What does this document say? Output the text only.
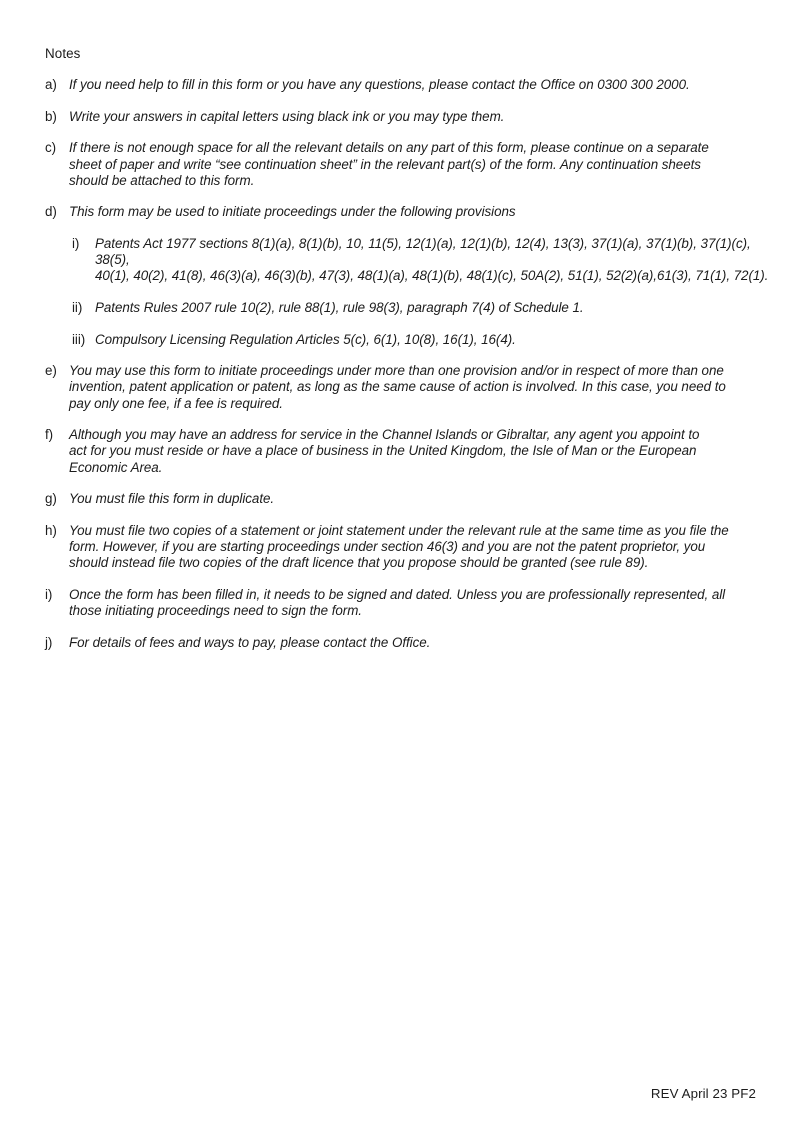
Notes
a) If you need help to fill in this form or you have any questions, please contact the Office on 0300 300 2000.
b) Write your answers in capital letters using black ink or you may type them.
c) If there is not enough space for all the relevant details on any part of this form, please continue on a separate
sheet of paper and write “see continuation sheet” in the relevant part(s) of the form. Any continuation sheets
should be attached to this form.
d) This form may be used to initiate proceedings under the following provisions
i)	Patents Act 1977 sections 8(1)(a), 8(1)(b), 10, 11(5), 12(1)(a), 12(1)(b), 12(4), 13(3), 37(1)(a), 37(1)(b), 37(1)(c), 38(5),
40(1), 40(2), 41(8), 46(3)(a), 46(3)(b), 47(3), 48(1)(a), 48(1)(b), 48(1)(c), 50A(2), 51(1), 52(2)(a),61(3), 71(1), 72(1).
ii) Patents Rules 2007 rule 10(2), rule 88(1), rule 98(3), paragraph 7(4) of Schedule 1.
iii) Compulsory Licensing Regulation Articles 5(c), 6(1), 10(8), 16(1), 16(4).
e) You may use this form to initiate proceedings under more than one provision and/or in respect of more than one
invention, patent application or patent, as long as the same cause of action is involved. In this case, you need to
pay only one fee, if a fee is required.
f)	Although you may have an address for service in the Channel Islands or Gibraltar, any agent you appoint to
act for you must reside or have a place of business in the United Kingdom, the Isle of Man or the European
Economic Area.
g) You must file this form in duplicate.
h) You must file two copies of a statement or joint statement under the relevant rule at the same time as you file the
form. However, if you are starting proceedings under section 46(3) and you are not the patent proprietor, you
should instead file two copies of the draft licence that you propose should be granted (see rule 89).
i)	Once the form has been filled in, it needs to be signed and dated. Unless you are professionally represented, all
those initiating proceedings need to sign the form.
j)	For details of fees and ways to pay, please contact the Office.
REV April 23 PF2
